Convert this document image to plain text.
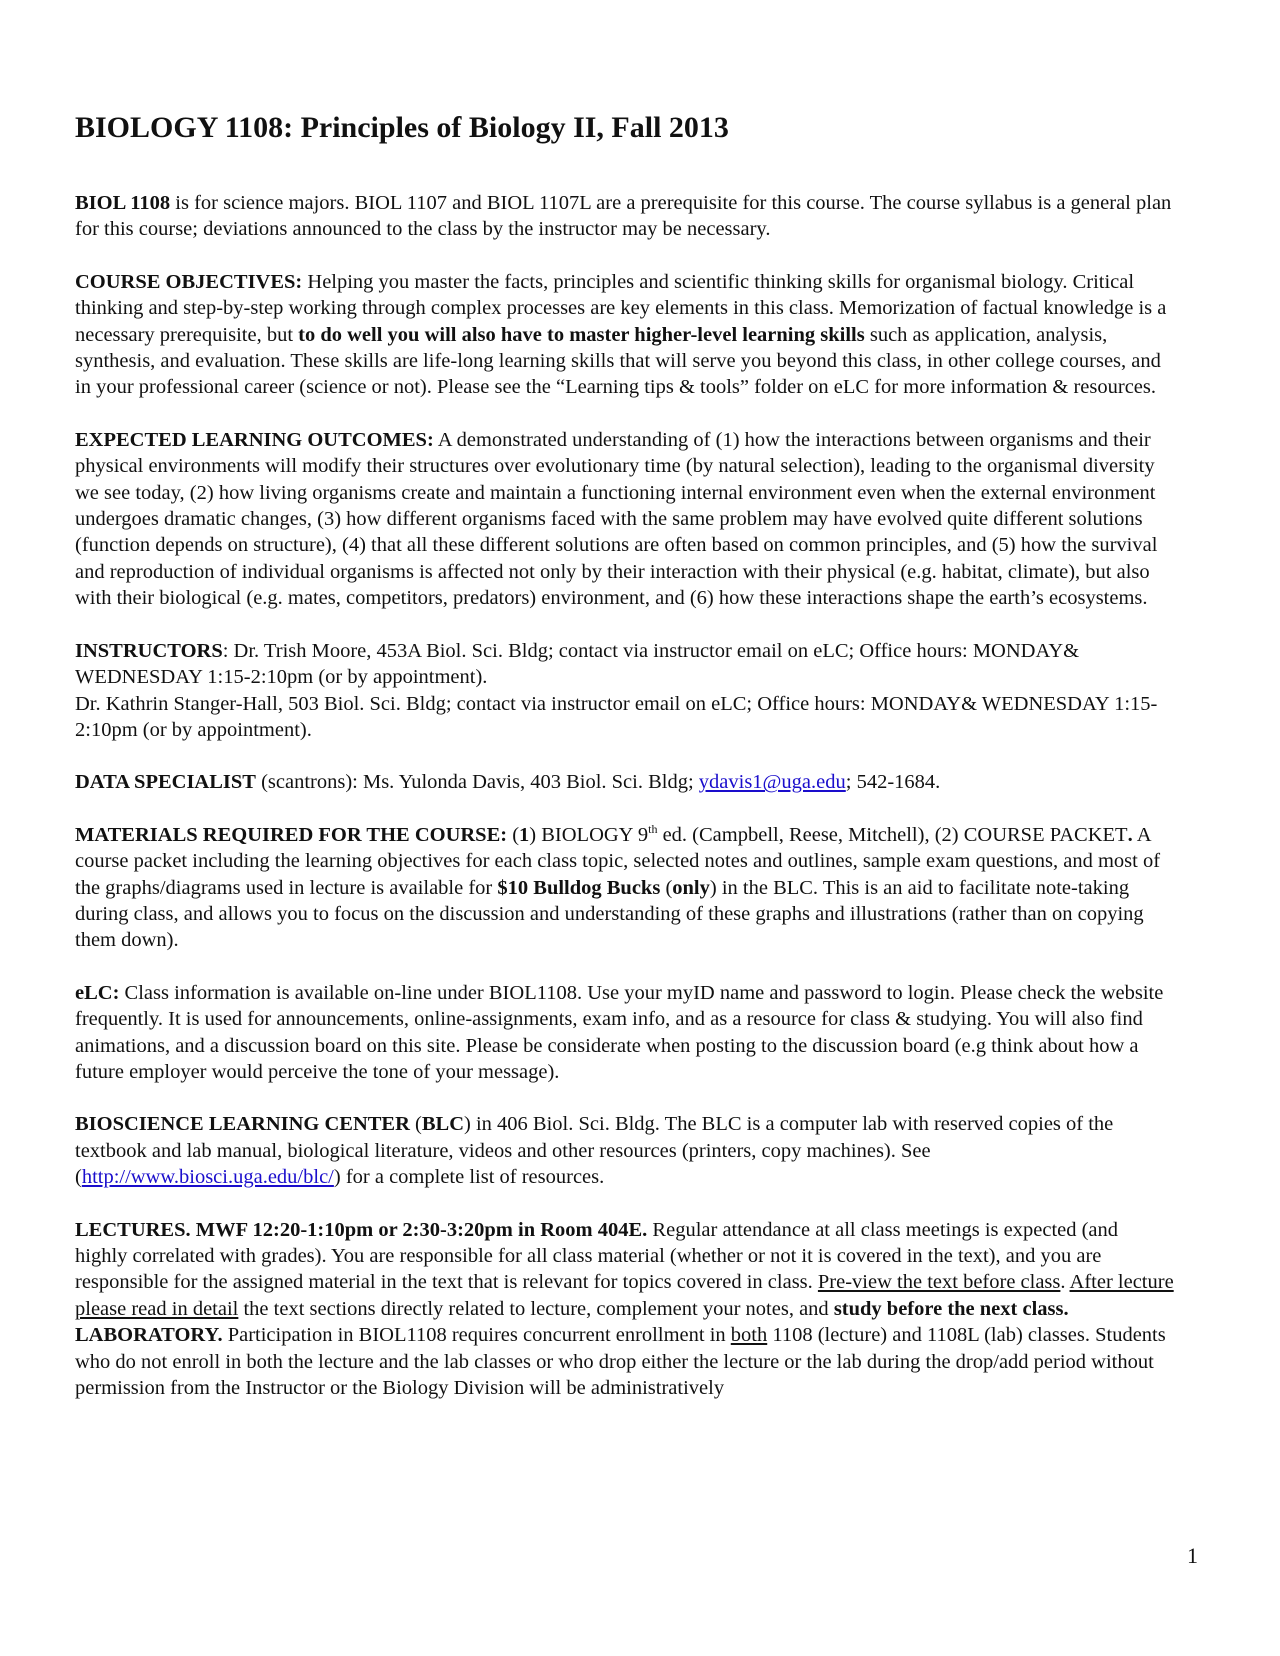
BIOLOGY 1108: Principles of Biology II, Fall 2013

BIOL 1108 is for science majors. BIOL 1107 and BIOL 1107L are a prerequisite for this course. The course syllabus is a general plan for this course; deviations announced to the class by the instructor may be necessary.

COURSE OBJECTIVES: Helping you master the facts, principles and scientific thinking skills for organismal biology. Critical thinking and step-by-step working through complex processes are key elements in this class. Memorization of factual knowledge is a necessary prerequisite, but to do well you will also have to master higher-level learning skills such as application, analysis, synthesis, and evaluation. These skills are life-long learning skills that will serve you beyond this class, in other college courses, and in your professional career (science or not). Please see the “Learning tips & tools” folder on eLC for more information & resources.

EXPECTED LEARNING OUTCOMES: A demonstrated understanding of (1) how the interactions between organisms and their physical environments will modify their structures over evolutionary time (by natural selection), leading to the organismal diversity we see today, (2) how living organisms create and maintain a functioning internal environment even when the external environment undergoes dramatic changes, (3) how different organisms faced with the same problem may have evolved quite different solutions (function depends on structure), (4) that all these different solutions are often based on common principles, and (5) how the survival and reproduction of individual organisms is affected not only by their interaction with their physical (e.g. habitat, climate), but also with their biological (e.g. mates, competitors, predators) environment, and (6) how these interactions shape the earth’s ecosystems.

INSTRUCTORS: Dr. Trish Moore, 453A Biol. Sci. Bldg; contact via instructor email on eLC; Office hours: MONDAY& WEDNESDAY 1:15-2:10pm (or by appointment).
Dr. Kathrin Stanger-Hall, 503 Biol. Sci. Bldg; contact via instructor email on eLC; Office hours: MONDAY& WEDNESDAY 1:15-2:10pm (or by appointment).

DATA SPECIALIST (scantrons): Ms. Yulonda Davis, 403 Biol. Sci. Bldg; ydavis1@uga.edu; 542-1684.

MATERIALS REQUIRED FOR THE COURSE: (1) BIOLOGY 9th ed. (Campbell, Reese, Mitchell), (2) COURSE PACKET. A course packet including the learning objectives for each class topic, selected notes and outlines, sample exam questions, and most of the graphs/diagrams used in lecture is available for $10 Bulldog Bucks (only) in the BLC. This is an aid to facilitate note-taking during class, and allows you to focus on the discussion and understanding of these graphs and illustrations (rather than on copying them down).

eLC: Class information is available on-line under BIOL1108. Use your myID name and password to login. Please check the website frequently. It is used for announcements, online-assignments, exam info, and as a resource for class & studying. You will also find animations, and a discussion board on this site. Please be considerate when posting to the discussion board (e.g think about how a future employer would perceive the tone of your message).

BIOSCIENCE LEARNING CENTER (BLC) in 406 Biol. Sci. Bldg. The BLC is a computer lab with reserved copies of the textbook and lab manual, biological literature, videos and other resources (printers, copy machines). See (http://www.biosci.uga.edu/blc/) for a complete list of resources.

LECTURES. MWF 12:20-1:10pm or 2:30-3:20pm in Room 404E. Regular attendance at all class meetings is expected (and highly correlated with grades). You are responsible for all class material (whether or not it is covered in the text), and you are responsible for the assigned material in the text that is relevant for topics covered in class. Pre-view the text before class. After lecture please read in detail the text sections directly related to lecture, complement your notes, and study before the next class.

LABORATORY. Participation in BIOL1108 requires concurrent enrollment in both 1108 (lecture) and 1108L (lab) classes. Students who do not enroll in both the lecture and the lab classes or who drop either the lecture or the lab during the drop/add period without permission from the Instructor or the Biology Division will be administratively

1
